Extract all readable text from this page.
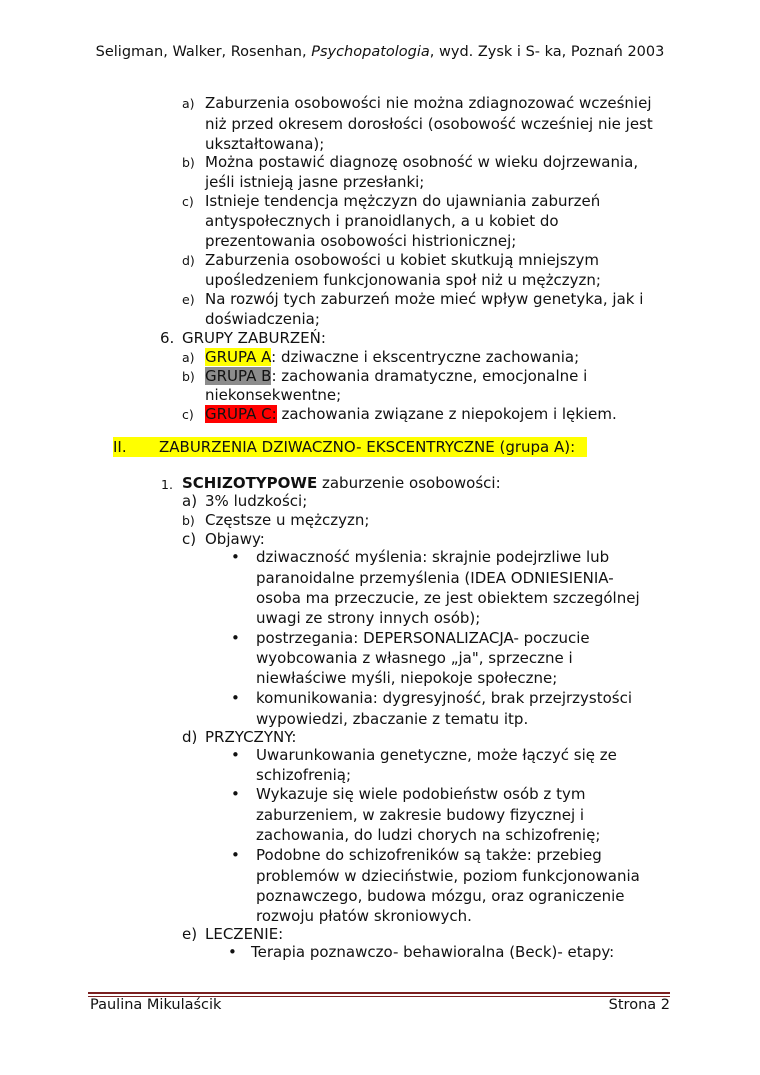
Seligman, Walker, Rosenhan, Psychopatologia, wyd. Zysk i S- ka, Poznań 2003
a) Zaburzenia osobowości nie można zdiagnozować wcześniej
niż przed okresem dorosłości (osobowość wcześniej nie jest
ukształtowana);
b) Można postawić diagnozę osobność w wieku dojrzewania,
jeśli istnieją jasne przesłanki;
c) Istnieje tendencja mężczyzn do ujawniania zaburzeń
antyspołecznych i pranoidlanych, a u kobiet do
prezentowania osobowości histrionicznej;
d) Zaburzenia osobowości u kobiet skutkują mniejszym
upośledzeniem funkcjonowania społ niż u mężczyzn;
e) Na rozwój tych zaburzeń może mieć wpływ genetyka, jak i
doświadczenia;
6. GRUPY ZABURZEŃ:
a) GRUPA A: dziwaczne i ekscentryczne zachowania;
b) GRUPA B: zachowania dramatyczne, emocjonalne i
niekonsekwentne;
c) GRUPA C: zachowania związane z niepokojem i lękiem.
II. ZABURZENIA DZIWACZNO- EKSCENTRYCZNE (grupa A):
1. SCHIZOTYPOWE zaburzenie osobowości:
a) 3% ludzkości;
b) Częstsze u mężczyzn;
c) Objawy:
• dziwaczność myślenia: skrajnie podejrzliwe lub
paranoidalne przemyślenia (IDEA ODNIESIENIA-
osoba ma przeczucie, ze jest obiektem szczególnej
uwagi ze strony innych osób);
• postrzegania: DEPERSONALIZACJA- poczucie
wyobcowania z własnego „ja", sprzeczne i
niewłaściwe myśli, niepokoje społeczne;
• komunikowania: dygresyjność, brak przejrzystości
wypowiedzi, zbaczanie z tematu itp.
d) PRZYCZYNY:
• Uwarunkowania genetyczne, może łączyć się ze
schizofrenią;
• Wykazuje się wiele podobieństw osób z tym
zaburzeniem, w zakresie budowy fizycznej i
zachowania, do ludzi chorych na schizofrenię;
• Podobne do schizofreników są także: przebieg
problemów w dzieciństwie, poziom funkcjonowania
poznawczego, budowa mózgu, oraz ograniczenie
rozwoju płatów skroniowych.
e) LECZENIE:
• Terapia poznawczo- behawioralna (Beck)- etapy:
Paulina Mikulaścik	Strona 2
